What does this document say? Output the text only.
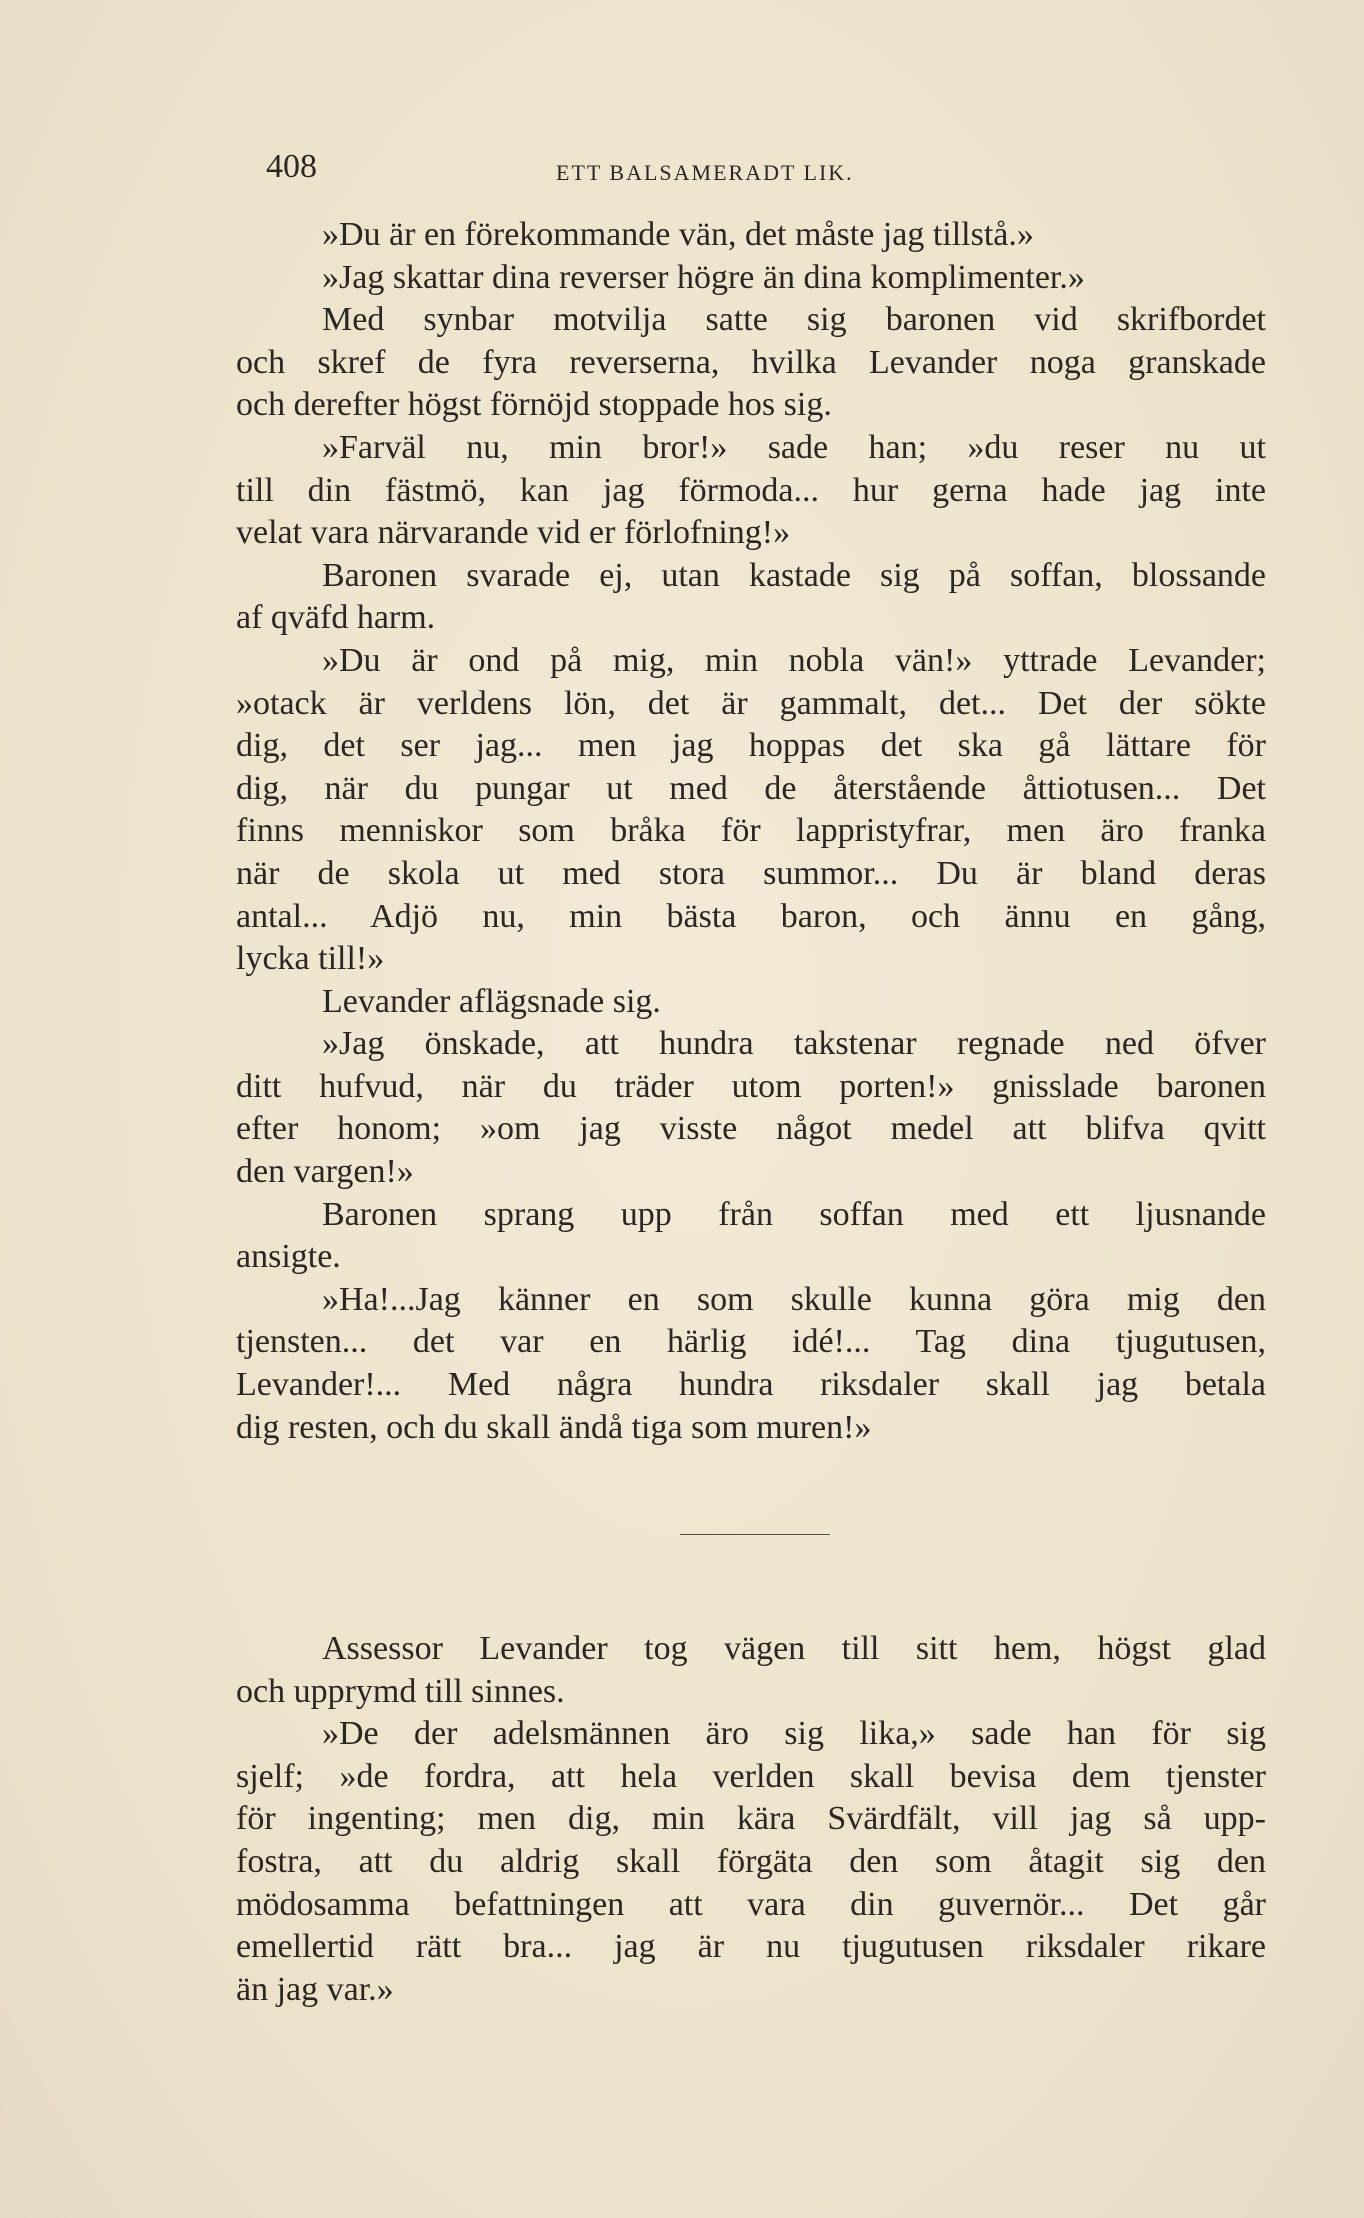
408	ETT BALSAMERADT LIK.
»Du är en förekommande vän, det måste jag tillstå.»
»Jag skattar dina reverser högre än dina komplimenter.»
Med synbar motvilja satte sig baronen vid skrifbordet
och skref de fyra reverserna, hvilka Levander noga granskade
och derefter högst förnöjd stoppade hos sig.
»Farväl nu, min bror!» sade han; »du reser nu ut
till din fästmö, kan jag förmoda... hur gerna hade jag inte
velat vara närvarande vid er förlofning!»
Baronen svarade ej, utan kastade sig på soffan, blossande
af qväfd harm.
»Du är ond på mig, min nobla vän!» yttrade Levander;
»otack är verldens lön, det är gammalt, det... Det der sökte
dig, det ser jag... men jag hoppas det ska gå lättare för
dig, när du pungar ut med de återstående åttiotusen... Det
finns menniskor som bråka för lappristyfrar, men äro franka
när de skola ut med stora summor... Du är bland deras
antal... Adjö nu, min bästa baron, och ännu en gång,
lycka till!»
Levander aflägsnade sig.
»Jag önskade, att hundra takstenar regnade ned öfver
ditt hufvud, när du träder utom porten!» gnisslade baronen
efter honom; »om jag visste något medel att blifva qvitt
den vargen!»
Baronen sprang upp från soffan med ett ljusnande
ansigte.
»Ha!...Jag känner en som skulle kunna göra mig den
tjensten... det var en härlig idé!... Tag dina tjugutusen,
Levander!... Med några hundra riksdaler skall jag betala
dig resten, och du skall ändå tiga som muren!»
Assessor Levander tog vägen till sitt hem, högst glad
och upprymd till sinnes.
»De der adelsmännen äro sig lika,» sade han för sig
sjelf; »de fordra, att hela verlden skall bevisa dem tjenster
för ingenting; men dig, min kära Svärdfält, vill jag så upp-
fostra, att du aldrig skall förgäta den som åtagit sig den
mödosamma befattningen att vara din guvernör... Det går
emellertid rätt bra... jag är nu tjugutusen riksdaler rikare
än jag var.»
